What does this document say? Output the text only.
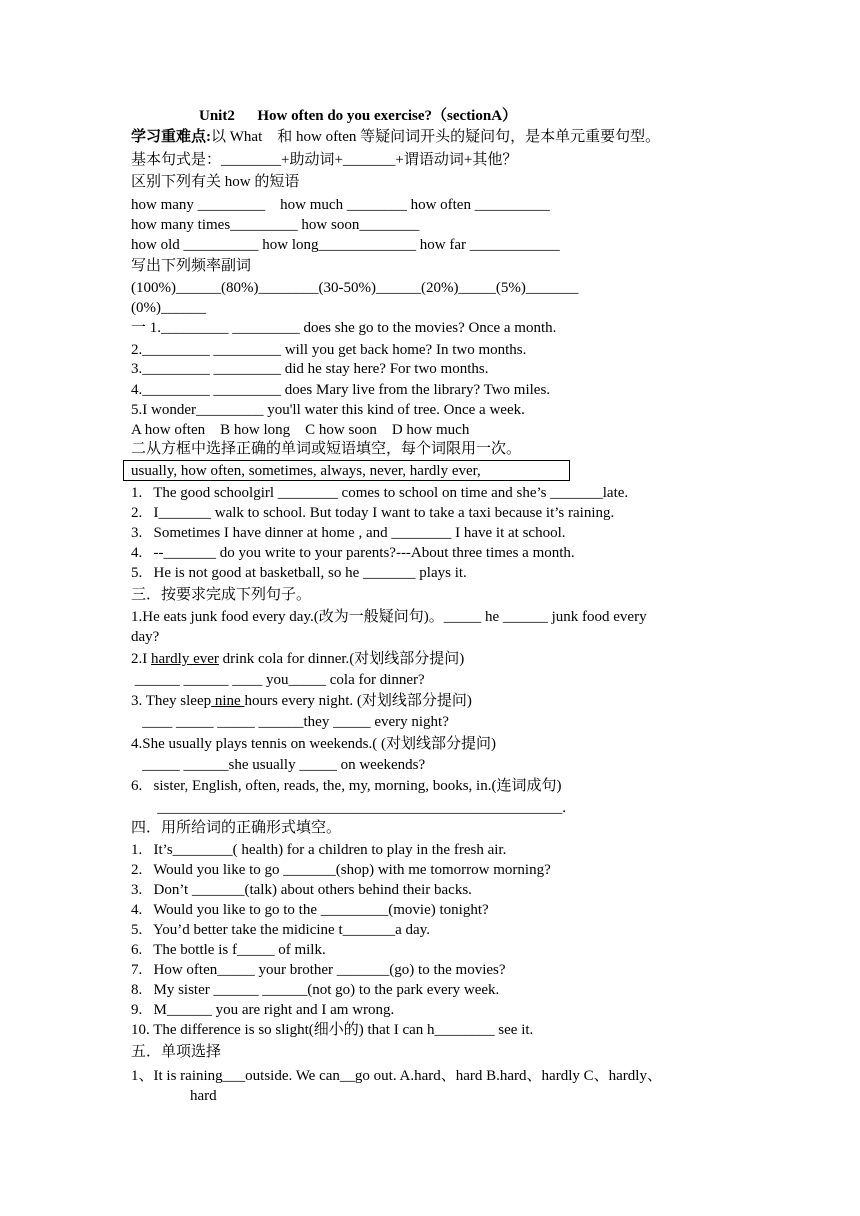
Unit2      How often do you exercise?（sectionA）
学习重难点:以 What    和 how often 等疑问词开头的疑问句，是本单元重要句型。
基本句式是：________+助动词+_______+谓语动词+其他？
区别下列有关 how 的短语
how many _________    how much ________ how often __________
how many times_________ how soon________
how old __________ how long_____________ how far ____________
写出下列频率副词
(100%)______(80%)________(30-50%)______(20%)_____(5%)_______
(0%)______
一 1._________ _________ does she go to the movies? Once a month.
2._________ _________ will you get back home? In two months.
3._________ _________ did he stay here? For two months.
4._________ _________ does Mary live from the library? Two miles.
5.I wonder_________ you'll water this kind of tree. Once a week.
A how often    B how long    C how soon    D how much
二从方框中选择正确的单词或短语填空，每个词限用一次。
usually, how often, sometimes, always, never, hardly ever,
1.   The good schoolgirl ________ comes to school on time and she’s _______late.
2.   I_______ walk to school. But today I want to take a taxi because it’s raining.
3.   Sometimes I have dinner at home , and ________ I have it at school.
4.   --_______ do you write to your parents?---About three times a month.
5.   He is not good at basketball, so he _______ plays it.
三．按要求完成下列句子。
1.He eats junk food every day.(改为一般疑问句)。_____ he ______ junk food every
day?
2.I hardly ever drink cola for dinner.(对划线部分提问)
______ ______ ____ you_____ cola for dinner?
3. They sleep nine hours every night. (对划线部分提问)
____ _____ _____ ______they _____ every night?
4.She usually plays tennis on weekends.( (对划线部分提问)
_____ ______she usually _____ on weekends?
6.   sister, English, often, reads, the, my, morning, books, in.(连词成句)
______________________________________________________.
四．用所给词的正确形式填空。
1.   It’s________( health) for a children to play in the fresh air.
2.   Would you like to go _______(shop) with me tomorrow morning?
3.   Don’t _______(talk) about others behind their backs.
4.   Would you like to go to the _________(movie) tonight?
5.   You’d better take the midicine t_______a day.
6.   The bottle is f_____ of milk.
7.   How often_____ your brother _______(go) to the movies?
8.   My sister ______ ______(not go) to the park every week.
9.   M______ you are right and I am wrong.
10. The difference is so slight(细小的) that I can h________ see it.
五．单项选择
1、It is raining___outside. We can__go out. A.hard、hard B.hard、hardly C、hardly、
hard
